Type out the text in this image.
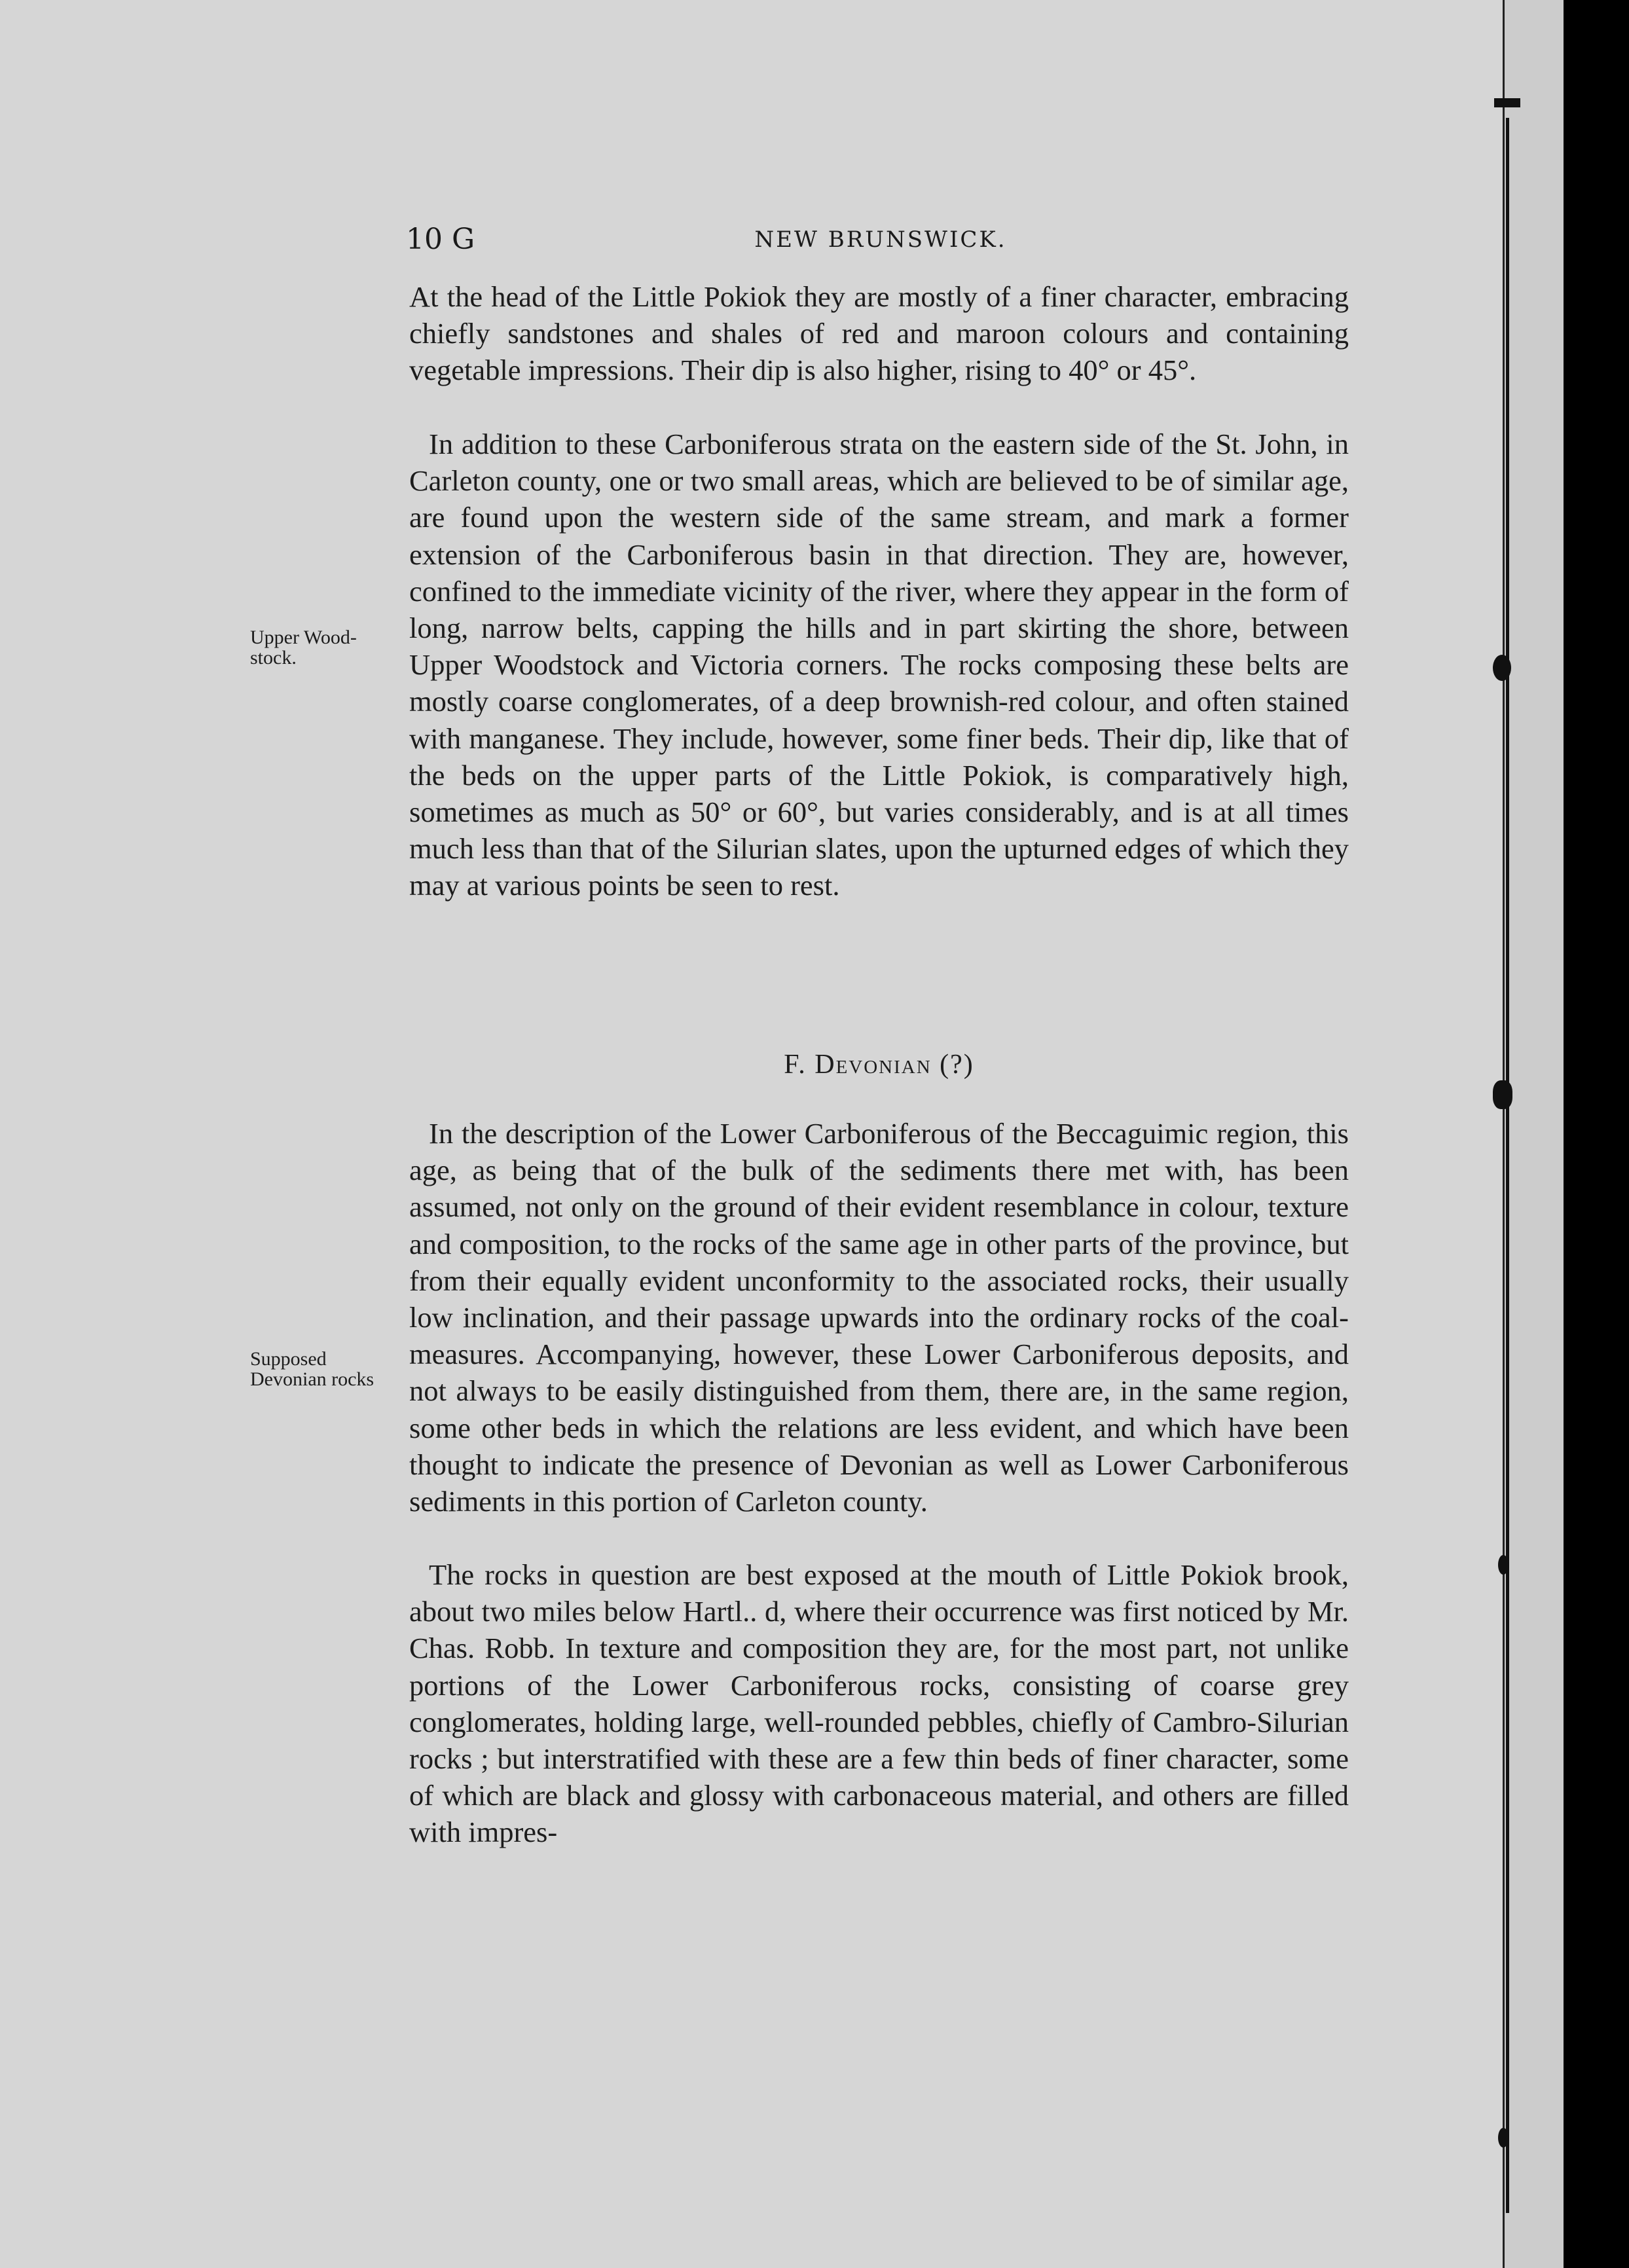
10 G	NEW BRUNSWICK.

At the head of the Little Pokiok they are mostly of a finer character, embracing chiefly sandstones and shales of red and maroon colours and containing vegetable impressions. Their dip is also higher, rising to 40° or 45°.

In addition to these Carboniferous strata on the eastern side of the St. John, in Carleton county, one or two small areas, which are believed to be of similar age, are found upon the western side of the same stream, and mark a former extension of the Carboniferous basin in that direction. They are, however, confined to the immediate vicinity of the river, where they appear in the form of long, narrow belts, capping the hills and in part skirting the shore, between Upper Woodstock and Victoria corners. The rocks composing these belts are mostly coarse conglomerates, of a deep brownish-red colour, and often stained with manganese. They include, however, some finer beds. Their dip, like that of the beds on the upper parts of the Little Pokiok, is comparatively high, sometimes as much as 50° or 60°, but varies considerably, and is at all times much less than that of the Silurian slates, upon the upturned edges of which they may at various points be seen to rest.

Upper Wood-
stock.
F. Devonian (?)

In the description of the Lower Carboniferous of the Beccaguimic region, this age, as being that of the bulk of the sediments there met with, has been assumed, not only on the ground of their evident resemblance in colour, texture and composition, to the rocks of the same age in other parts of the province, but from their equally evident unconformity to the associated rocks, their usually low inclination, and their passage upwards into the ordinary rocks of the coal-measures. Accompanying, however, these Lower Carboniferous deposits, and not always to be easily distinguished from them, there are, in the same region, some other beds in which the relations are less evident, and which have been thought to indicate the presence of Devonian as well as Lower Carboniferous sediments in this portion of Carleton county.

Supposed
Devonian rocks

The rocks in question are best exposed at the mouth of Little Pokiok brook, about two miles below Hartl.. d, where their occurrence was first noticed by Mr. Chas. Robb. In texture and composition they are, for the most part, not unlike portions of the Lower Carboniferous rocks, consisting of coarse grey conglomerates, holding large, well-rounded pebbles, chiefly of Cambro-Silurian rocks ; but interstratified with these are a few thin beds of finer character, some of which are black and glossy with carbonaceous material, and others are filled with impres-
